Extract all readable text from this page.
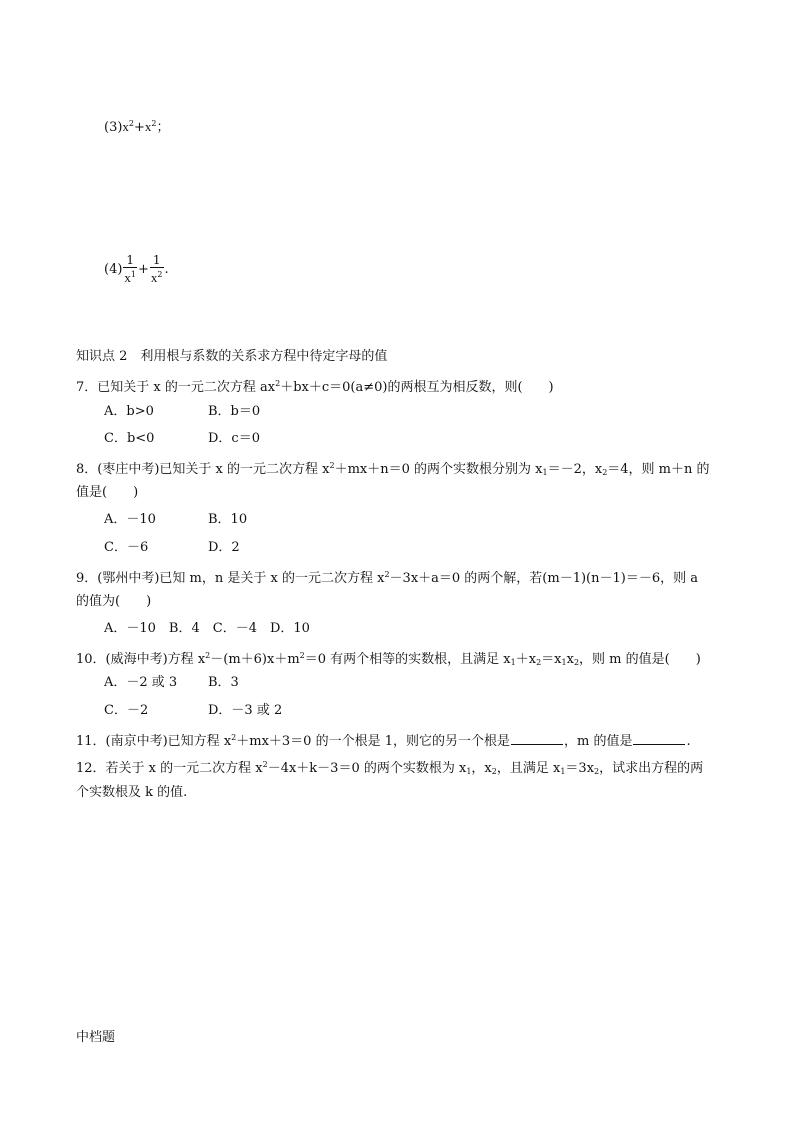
$(3)x^2+x^2$；
$(4) \frac{1}{x^1} + \frac{1}{x^2}$ .
知识点 2　利用根与系数的关系求方程中待定字母的值
7．已知关于 x 的一元二次方程 $ax^2+bx+c=0(a\ne 0)$的两根互为相反数，则(　　)
A．b>0	B．b＝0
C．b<0	D．c＝0
8．(枣庄中考)已知关于 x 的一元二次方程 $x^2+mx+n=0$ 的两个实数根分别为 $x_1=-2$，$x_2=4$，则 m＋n 的
值是(　　)
A．－10	B．10
C．－6	D．2
9．(鄂州中考)已知 m，n 是关于 x 的一元二次方程 $x^2-3x+a=0$ 的两个解，若(m－1)(n－1)＝－6，则 a
的值为(　　)
A．－10　B．4　C．－4　D．10
10．(威海中考)方程 $x^2-(m+6)x+m^2=0$ 有两个相等的实数根，且满足 $x_1+x_2=x_1x_2$，则 m 的值是(　　)
A．－2 或 3 B．3
C．－2	D．－3 或 2
11．(南京中考)已知方程 $x^2+mx+3=0$ 的一个根是 1，则它的另一个根是	，m 的值是	.
12．若关于 x 的一元二次方程 $x^2-4x+k-3=0$ 的两个实数根为 $x_1$，$x_2$，且满足 $x_1=3x_2$，试求出方程的两
个实数根及 k 的值.
中档题
